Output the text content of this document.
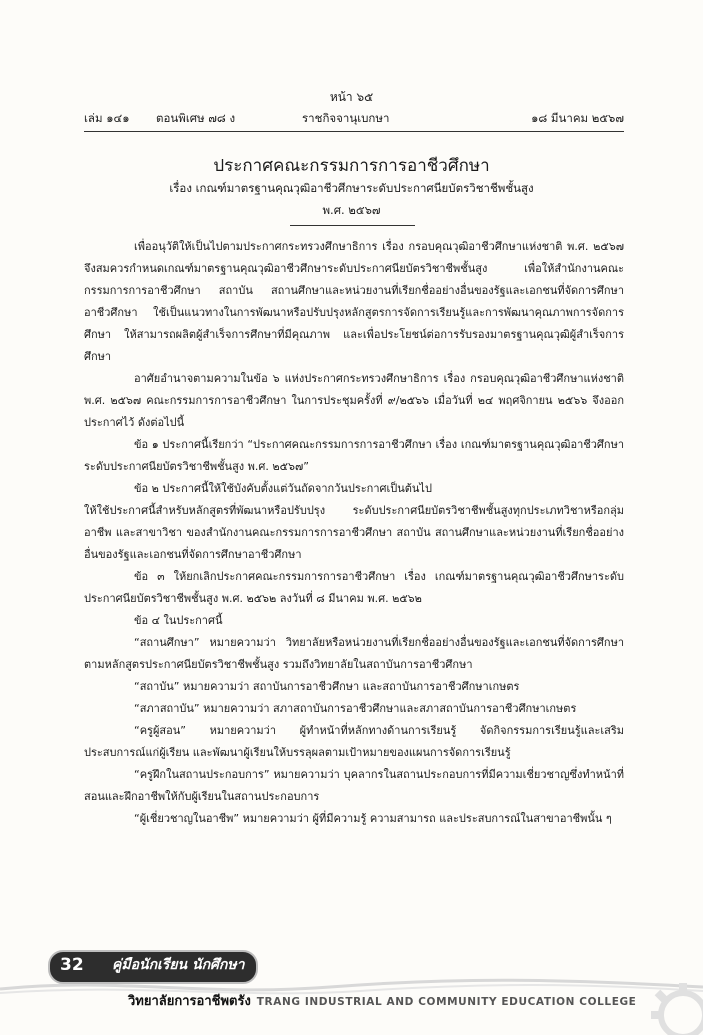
หน้า ๖๕
เล่ม ๑๔๑ ตอนพิเศษ ๗๘ ง	ราชกิจจานุเบกษา	๑๘ มีนาคม ๒๕๖๗
ประกาศคณะกรรมการการอาชีวศึกษา
เรื่อง เกณฑ์มาตรฐานคุณวุฒิอาชีวศึกษาระดับประกาศนียบัตรวิชาชีพชั้นสูง
พ.ศ. ๒๕๖๗

เพื่ออนุวัติให้เป็นไปตามประกาศกระทรวงศึกษาธิการ เรื่อง กรอบคุณวุฒิอาชีวศึกษาแห่งชาติ พ.ศ. ๒๕๖๗ จึงสมควรกำหนดเกณฑ์มาตรฐานคุณวุฒิอาชีวศึกษาระดับประกาศนียบัตรวิชาชีพชั้นสูง เพื่อให้สำนักงานคณะกรรมการการอาชีวศึกษา สถาบัน สถานศึกษาและหน่วยงานที่เรียกชื่ออย่างอื่นของรัฐและเอกชนที่จัดการศึกษาอาชีวศึกษา ใช้เป็นแนวทางในการพัฒนาหรือปรับปรุงหลักสูตรการจัดการเรียนรู้และการพัฒนาคุณภาพการจัดการศึกษา ให้สามารถผลิตผู้สำเร็จการศึกษาที่มีคุณภาพ และเพื่อประโยชน์ต่อการรับรองมาตรฐานคุณวุฒิผู้สำเร็จการศึกษา

อาศัยอำนาจตามความในข้อ ๖ แห่งประกาศกระทรวงศึกษาธิการ เรื่อง กรอบคุณวุฒิอาชีวศึกษาแห่งชาติ พ.ศ. ๒๕๖๗ คณะกรรมการการอาชีวศึกษา ในการประชุมครั้งที่ ๙/๒๕๖๖ เมื่อวันที่ ๒๔ พฤศจิกายน ๒๕๖๖ จึงออกประกาศไว้ ดังต่อไปนี้

ข้อ ๑ ประกาศนี้เรียกว่า “ประกาศคณะกรรมการการอาชีวศึกษา เรื่อง เกณฑ์มาตรฐานคุณวุฒิอาชีวศึกษาระดับประกาศนียบัตรวิชาชีพชั้นสูง พ.ศ. ๒๕๖๗”

ข้อ ๒ ประกาศนี้ให้ใช้บังคับตั้งแต่วันถัดจากวันประกาศเป็นต้นไป

ให้ใช้ประกาศนี้สำหรับหลักสูตรที่พัฒนาหรือปรับปรุง ระดับประกาศนียบัตรวิชาชีพชั้นสูงทุกประเภทวิชาหรือกลุ่มอาชีพ และสาขาวิชา ของสำนักงานคณะกรรมการการอาชีวศึกษา สถาบัน สถานศึกษาและหน่วยงานที่เรียกชื่ออย่างอื่นของรัฐและเอกชนที่จัดการศึกษาอาชีวศึกษา

ข้อ ๓ ให้ยกเลิกประกาศคณะกรรมการการอาชีวศึกษา เรื่อง เกณฑ์มาตรฐานคุณวุฒิอาชีวศึกษาระดับประกาศนียบัตรวิชาชีพชั้นสูง พ.ศ. ๒๕๖๒ ลงวันที่ ๘ มีนาคม พ.ศ. ๒๕๖๒

ข้อ ๔ ในประกาศนี้

“สถานศึกษา” หมายความว่า วิทยาลัยหรือหน่วยงานที่เรียกชื่ออย่างอื่นของรัฐและเอกชนที่จัดการศึกษาตามหลักสูตรประกาศนียบัตรวิชาชีพชั้นสูง รวมถึงวิทยาลัยในสถาบันการอาชีวศึกษา

“สถาบัน” หมายความว่า สถาบันการอาชีวศึกษา และสถาบันการอาชีวศึกษาเกษตร

“สภาสถาบัน” หมายความว่า สภาสถาบันการอาชีวศึกษาและสภาสถาบันการอาชีวศึกษาเกษตร

“ครูผู้สอน” หมายความว่า ผู้ทำหน้าที่หลักทางด้านการเรียนรู้ จัดกิจกรรมการเรียนรู้และเสริมประสบการณ์แก่ผู้เรียน และพัฒนาผู้เรียนให้บรรลุผลตามเป้าหมายของแผนการจัดการเรียนรู้

“ครูฝึกในสถานประกอบการ” หมายความว่า บุคลากรในสถานประกอบการที่มีความเชี่ยวชาญซึ่งทำหน้าที่สอนและฝึกอาชีพให้กับผู้เรียนในสถานประกอบการ

“ผู้เชี่ยวชาญในอาชีพ” หมายความว่า ผู้ที่มีความรู้ ความสามารถ และประสบการณ์ในสาขาอาชีพนั้น ๆ

32	คู่มือนักเรียน นักศึกษา
วิทยาลัยการอาชีพตรัง TRANG INDUSTRIAL AND COMMUNITY EDUCATION COLLEGE
